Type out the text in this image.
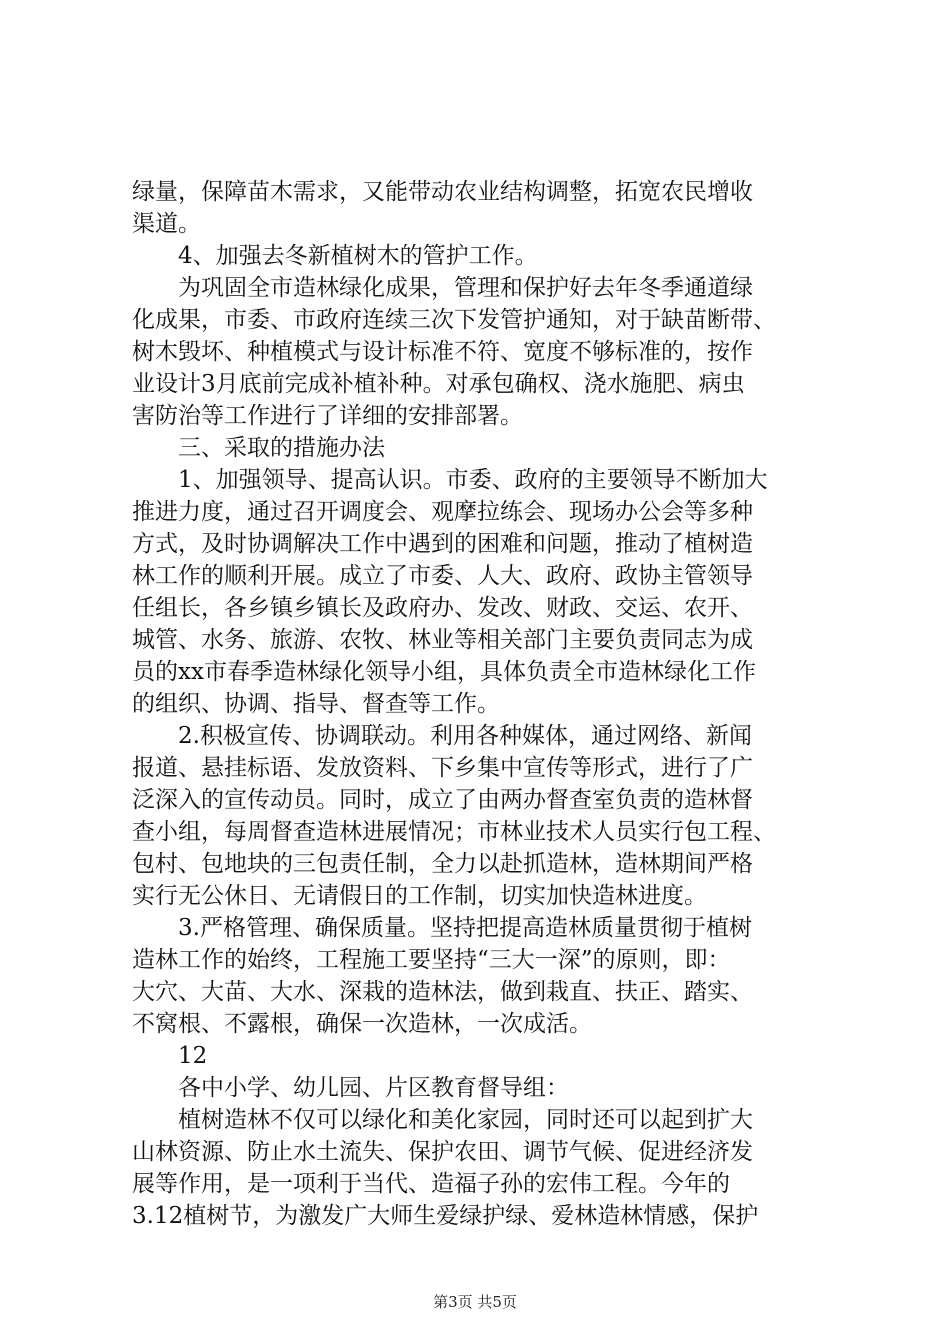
绿量，保障苗木需求，又能带动农业结构调整，拓宽农民增收
渠道。
　　4、加强去冬新植树木的管护工作。
　　为巩固全市造林绿化成果，管理和保护好去年冬季通道绿
化成果，市委、市政府连续三次下发管护通知，对于缺苗断带、
树木毁坏、种植模式与设计标准不符、宽度不够标准的，按作
业设计3月底前完成补植补种。对承包确权、浇水施肥、病虫
害防治等工作进行了详细的安排部署。
　　三、采取的措施办法
　　1、加强领导、提高认识。市委、政府的主要领导不断加大
推进力度，通过召开调度会、观摩拉练会、现场办公会等多种
方式，及时协调解决工作中遇到的困难和问题，推动了植树造
林工作的顺利开展。成立了市委、人大、政府、政协主管领导
任组长，各乡镇乡镇长及政府办、发改、财政、交运、农开、
城管、水务、旅游、农牧、林业等相关部门主要负责同志为成
员的xx市春季造林绿化领导小组，具体负责全市造林绿化工作
的组织、协调、指导、督查等工作。
　　2.积极宣传、协调联动。利用各种媒体，通过网络、新闻
报道、悬挂标语、发放资料、下乡集中宣传等形式，进行了广
泛深入的宣传动员。同时，成立了由两办督查室负责的造林督
查小组，每周督查造林进展情况；市林业技术人员实行包工程、
包村、包地块的三包责任制，全力以赴抓造林，造林期间严格
实行无公休日、无请假日的工作制，切实加快造林进度。
　　3.严格管理、确保质量。坚持把提高造林质量贯彻于植树
造林工作的始终，工程施工要坚持“三大一深”的原则，即：
大穴、大苗、大水、深栽的造林法，做到栽直、扶正、踏实、
不窝根、不露根，确保一次造林，一次成活。
　　12
　　各中小学、幼儿园、片区教育督导组：
　　植树造林不仅可以绿化和美化家园，同时还可以起到扩大
山林资源、防止水土流失、保护农田、调节气候、促进经济发
展等作用，是一项利于当代、造福子孙的宏伟工程。今年的
3.12植树节，为激发广大师生爱绿护绿、爱林造林情感，保护
第3页 共5页
